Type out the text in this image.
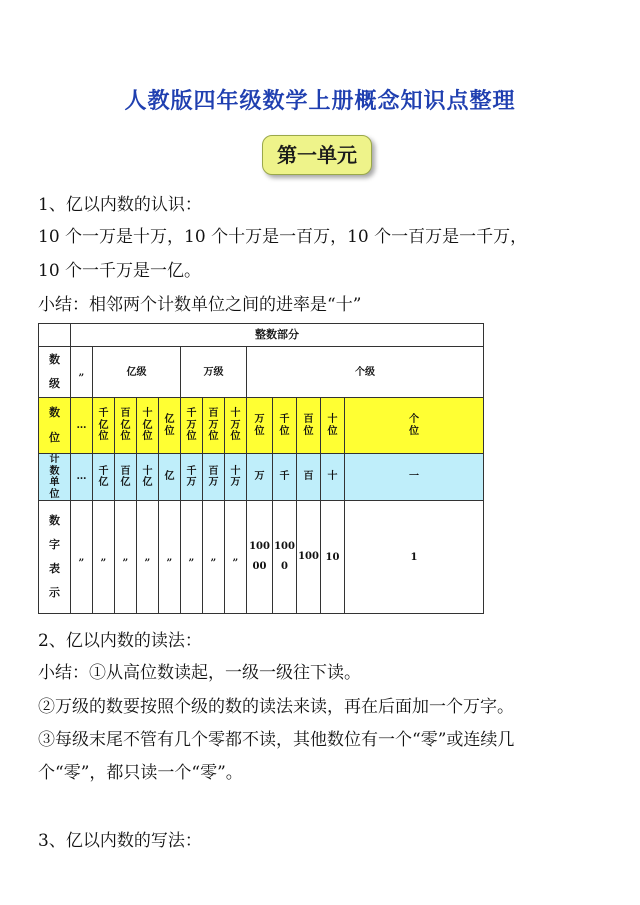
人教版四年级数学上册概念知识点整理
第一单元
1、亿以内数的认识：
10 个一万是十万，10 个十万是一百万，10 个一百万是一千万，
10 个一千万是一亿。
小结：相邻两个计数单位之间的进率是“十”
	整数部分												
数级	„	亿级				万级			个级				
数位	…	千亿位	百亿位	十亿位	亿位	千万位	百万位	十万位	万位	千位	百位	十位	个位
计数单位	…	千亿	百亿	十亿	亿	千万	百万	十万	万	千	百	十	一
数字表示	„	„	„	„	„	„	„	„	10000	1000	100	10	1
2、亿以内数的读法：
小结：①从高位数读起，一级一级往下读。
②万级的数要按照个级的数的读法来读，再在后面加一个万字。
③每级末尾不管有几个零都不读，其他数位有一个“零”或连续几
个“零”，都只读一个“零”。
3、亿以内数的写法：
